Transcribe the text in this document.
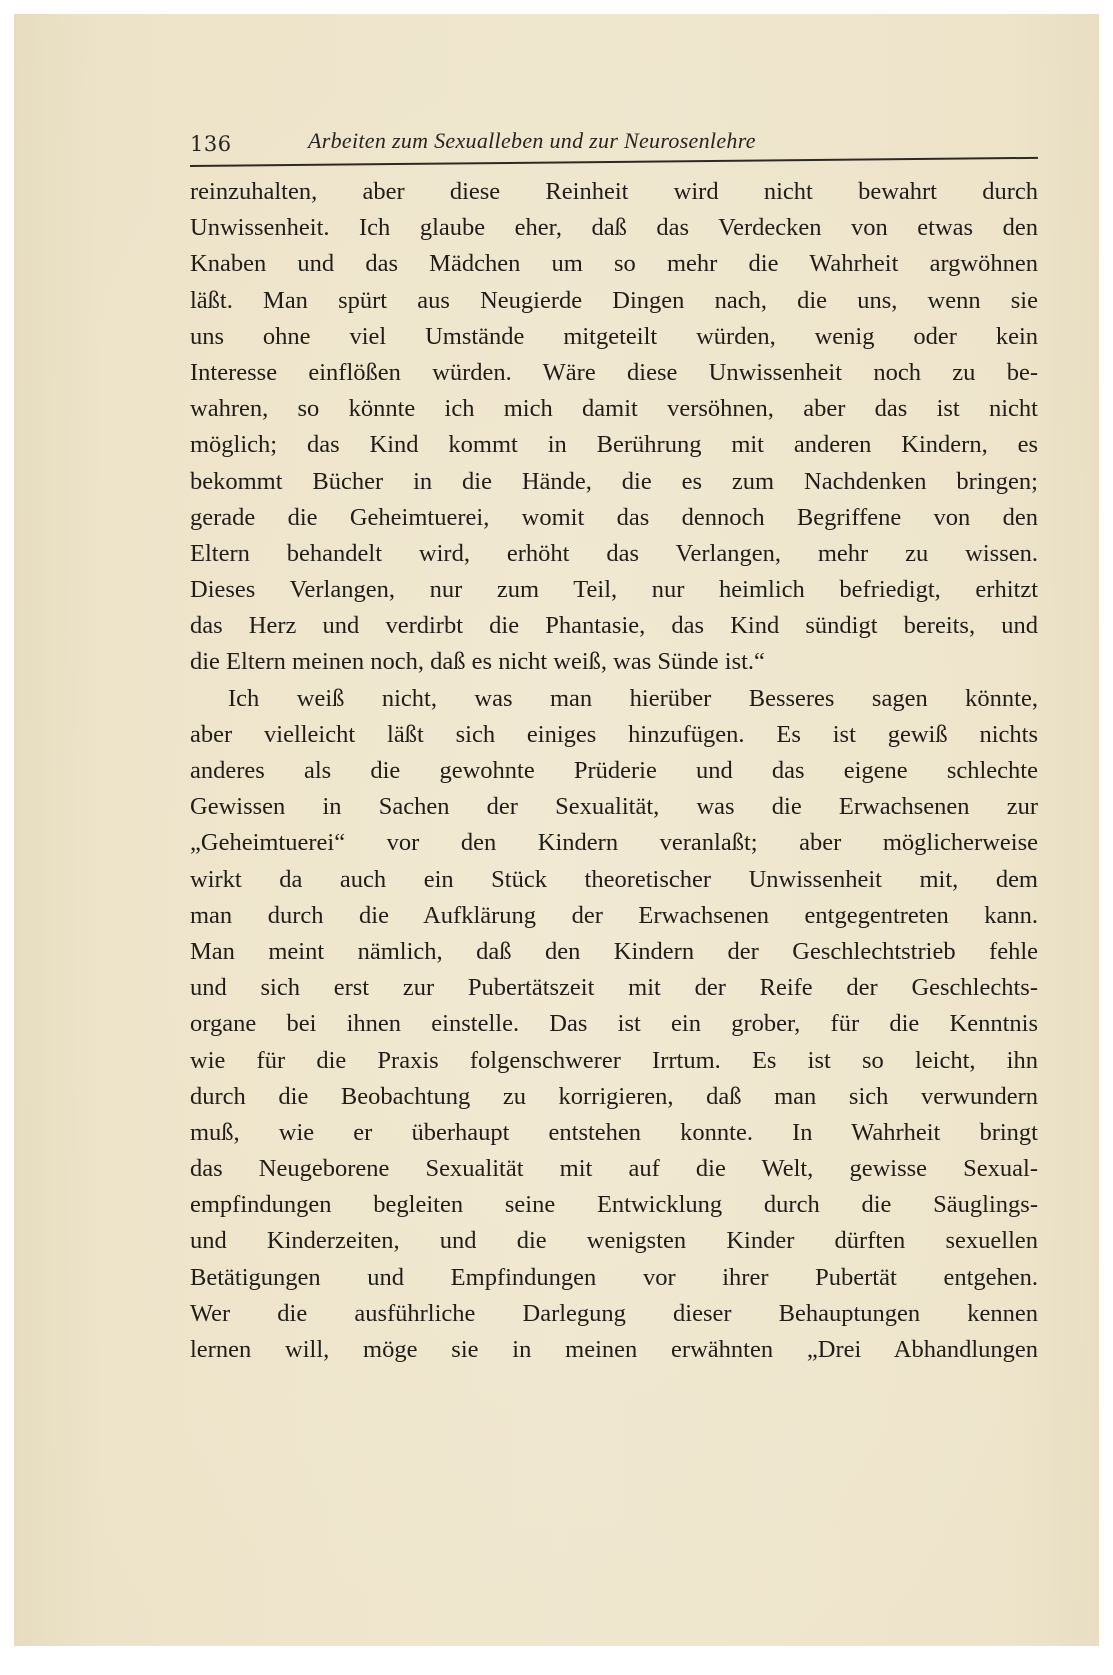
136	Arbeiten zum Sexualleben und zur Neurosenlehre
reinzuhalten, aber diese Reinheit wird nicht bewahrt durch
Unwissenheit. Ich glaube eher, daß das Verdecken von etwas den
Knaben und das Mädchen um so mehr die Wahrheit argwöhnen
läßt. Man spürt aus Neugierde Dingen nach, die uns, wenn sie
uns ohne viel Umstände mitgeteilt würden, wenig oder kein
Interesse einflößen würden. Wäre diese Unwissenheit noch zu be-
wahren, so könnte ich mich damit versöhnen, aber das ist nicht
möglich; das Kind kommt in Berührung mit anderen Kindern, es
bekommt Bücher in die Hände, die es zum Nachdenken bringen;
gerade die Geheimtuerei, womit das dennoch Begriffene von den
Eltern behandelt wird, erhöht das Verlangen, mehr zu wissen.
Dieses Verlangen, nur zum Teil, nur heimlich befriedigt, erhitzt
das Herz und verdirbt die Phantasie, das Kind sündigt bereits, und
die Eltern meinen noch, daß es nicht weiß, was Sünde ist.“
Ich weiß nicht, was man hierüber Besseres sagen könnte,
aber vielleicht läßt sich einiges hinzufügen. Es ist gewiß nichts
anderes als die gewohnte Prüderie und das eigene schlechte
Gewissen in Sachen der Sexualität, was die Erwachsenen zur
„Geheimtuerei“ vor den Kindern veranlaßt; aber möglicherweise
wirkt da auch ein Stück theoretischer Unwissenheit mit, dem
man durch die Aufklärung der Erwachsenen entgegentreten kann.
Man meint nämlich, daß den Kindern der Geschlechtstrieb fehle
und sich erst zur Pubertätszeit mit der Reife der Geschlechts-
organe bei ihnen einstelle. Das ist ein grober, für die Kenntnis
wie für die Praxis folgenschwerer Irrtum. Es ist so leicht, ihn
durch die Beobachtung zu korrigieren, daß man sich verwundern
muß, wie er überhaupt entstehen konnte. In Wahrheit bringt
das Neugeborene Sexualität mit auf die Welt, gewisse Sexual-
empfindungen begleiten seine Entwicklung durch die Säuglings-
und Kinderzeiten, und die wenigsten Kinder dürften sexuellen
Betätigungen und Empfindungen vor ihrer Pubertät entgehen.
Wer die ausführliche Darlegung dieser Behauptungen kennen
lernen will, möge sie in meinen erwähnten „Drei Abhandlungen
